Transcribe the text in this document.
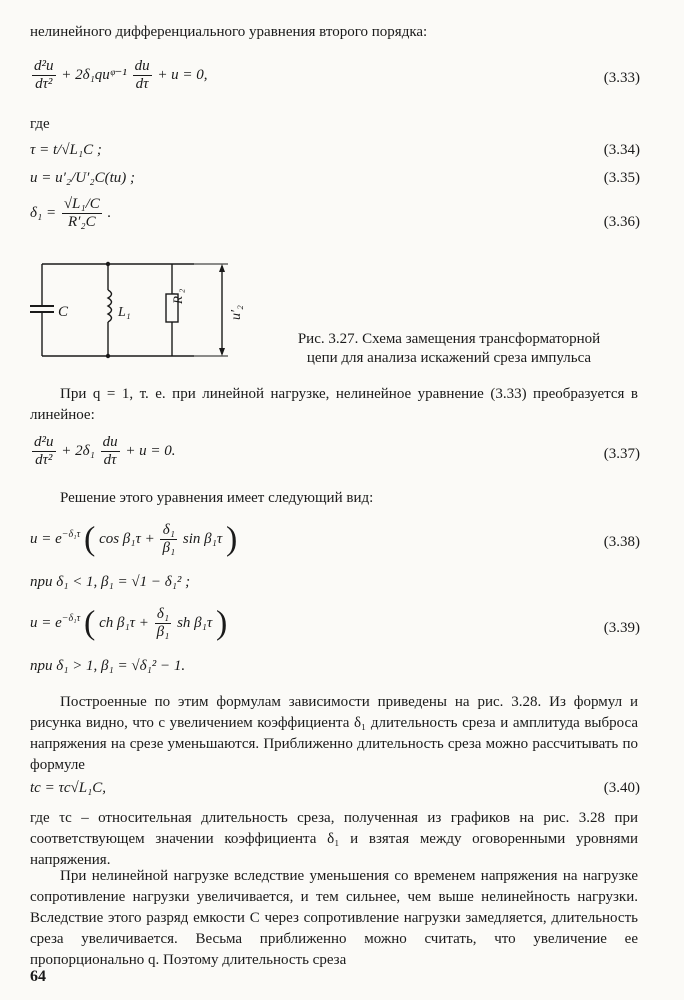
нелинейного дифференциального уравнения второго порядка:
$\frac{\text{d²u}}{\text{dτ²}}$ + 2δ₁quᵠ⁻¹ $\frac{du}{d\tau} + u = 0$,	(3.33)
где
τ = t/√L₁C ;	(3.34)
u = u′₂/U′₂C(tи) ;	(3.35)
$\delta_1 = \frac{\text{√L₁/C}}{\text{R′₂C}}$ .
(3.36)
C	L₁
R′₂
u′₂
Рис. 3.27. Схема замещения трансформаторной
цепи для анализа искажений среза импульса
При q = 1, т. е. при линейной нагрузке, нелинейное уравнение (3.33) преобразуется в линейное:
$\frac{\text{d²u}}{\text{dτ²}} + 2\delta_1 \frac{du}{d\tau} + u = 0$.	(3.37)
Решение этого уравнения имеет следующий вид:
$u = e^{-\delta_1\tau}$ ( $\cos \beta_1\tau + \frac{\text{δ₁}}{\text{β₁}}$ sin β₁τ )	(3.38)
при δ₁ < 1, β₁ = √1 − δ₁² ;
$u = e^{-\delta_1\tau}$ ( ch $\beta_1\tau + \frac{\text{δ₁}}{\text{β₁}}$ sh β₁τ )	(3.39)
при δ₁ > 1, β₁ = √δ₁² − 1.
Построенные по этим формулам зависимости приведены на рис. 3.28. Из формул и рисунка видно, что с увеличением коэффициента δ₁ длительность среза и амплитуда выброса напряжения на срезе уменьшаются. Приближенно длительность среза можно рассчитывать по формуле
tc = τc√L₁C,	(3.40)
где τc – относительная длительность среза, полученная из графиков на рис. 3.28 при соответствующем значении коэффициента δ₁ и взятая между оговоренными уровнями напряжения.
При нелинейной нагрузке вследствие уменьшения со временем напряжения на нагрузке сопротивление нагрузки увеличивается, и тем сильнее, чем выше нелинейность нагрузки. Вследствие этого разряд емкости C через сопротивление нагрузки замедляется, длительность среза увеличивается. Весьма приближенно можно считать, что увеличение ее пропорционально q. Поэтому длительность среза
64
